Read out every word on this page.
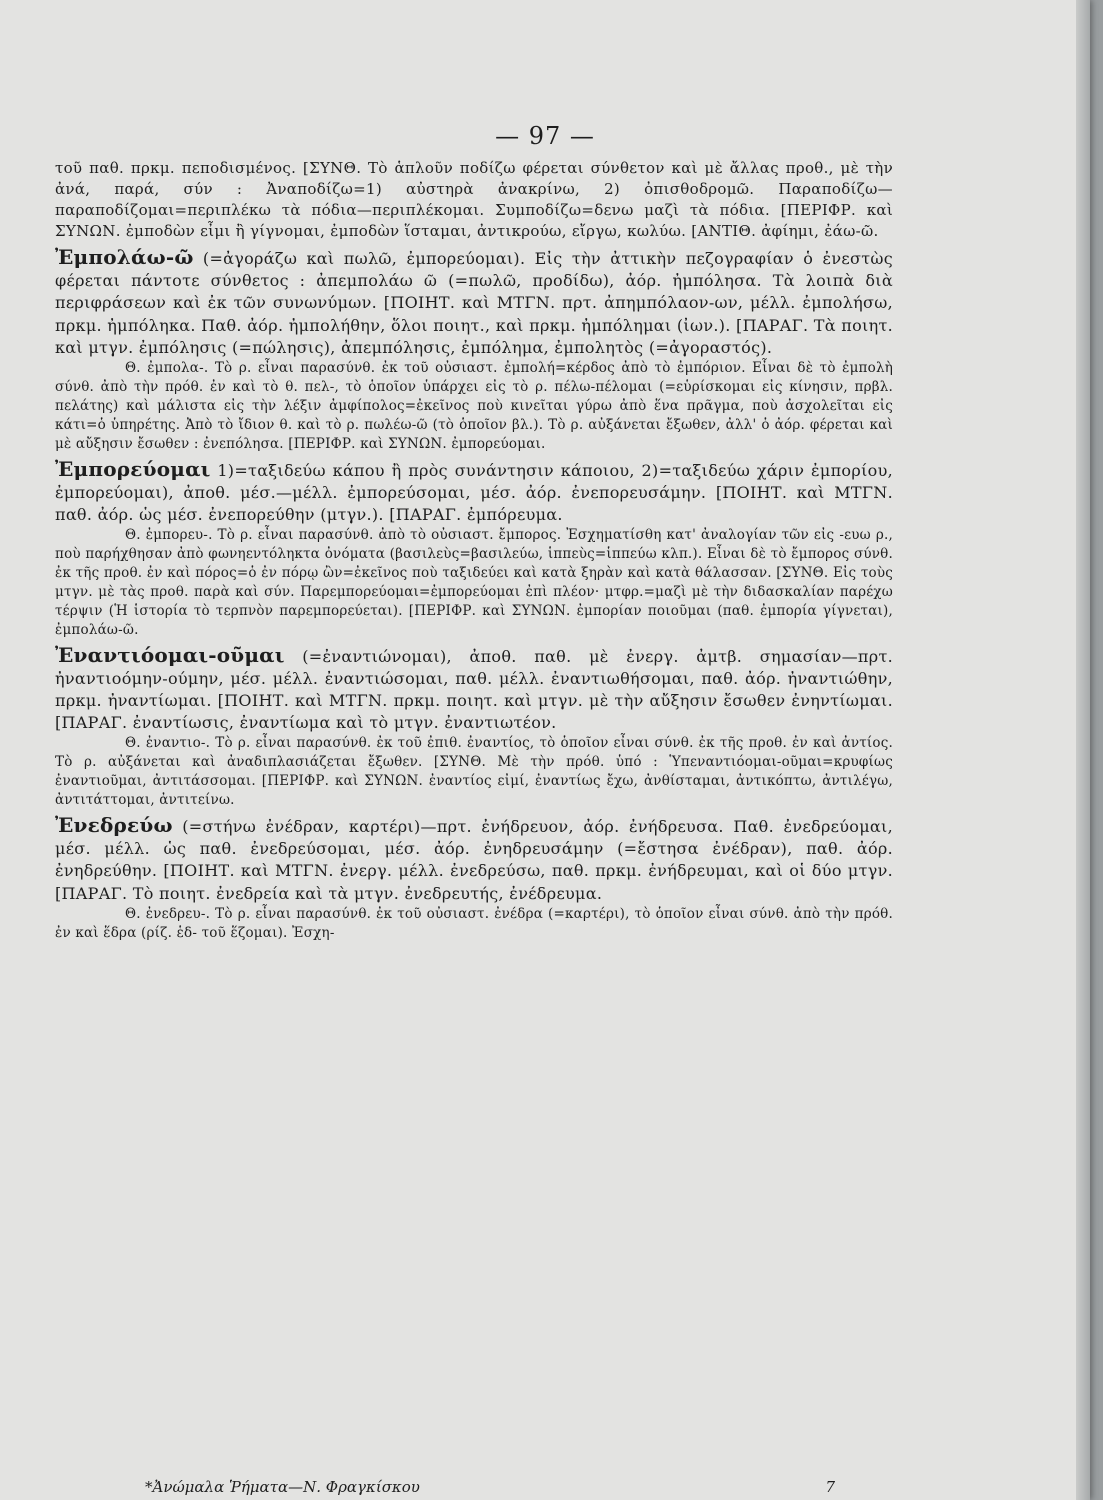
— 97 —
τοῦ παθ. πρκμ. πεποδισμένος. [ΣΥΝΘ. Τὸ ἁπλοῦν ποδίζω φέρεται σύνθετον καὶ μὲ ἄλλας προθ., μὲ τὴν ἀνά, παρά, σύν : Ἀναποδίζω=1) αὐστηρὰ ἀνακρίνω, 2) ὀπισθοδρομῶ. Παραποδίζω—παραποδίζομαι=περιπλέκω τὰ πόδια—περιπλέκομαι. Συμποδίζω=δενω μαζὶ τὰ πόδια. [ΠΕΡΙΦΡ. καὶ ΣΥΝΩΝ. ἐμποδὼν εἶμι ἢ γίγνομαι, ἐμποδὼν ἵσταμαι, ἀντικρούω, εἴργω, κωλύω. [ΑΝΤΙΘ. ἀφίημι, ἐάω-ῶ.
Ἐμπολάω-ῶ (=ἀγοράζω καὶ πωλῶ, ἐμπορεύομαι). Εἰς τὴν ἀττικὴν πεζογραφίαν ὁ ἐνεστὼς φέρεται πάντοτε σύνθετος : ἀπεμπολάω ῶ (=πωλῶ, προδίδω), ἀόρ. ἠμπόλησα. Τὰ λοιπὰ διὰ περιφράσεων καὶ ἐκ τῶν συνωνύμων. [ΠΟΙΗΤ. καὶ ΜΤΓΝ. πρτ. ἀπημπόλαον-ων, μέλλ. ἐμπολήσω, πρκμ. ἠμπόληκα. Παθ. ἀόρ. ἠμπολήθην, ὅλοι ποιητ., καὶ πρκμ. ἠμπόλημαι (ἰων.). [ΠΑΡΑΓ. Τὰ ποιητ. καὶ μτγν. ἐμπόλησις (=πώλησις), ἀπεμπόλησις, ἐμπόλημα, ἐμπολητὸς (=ἀγοραστός).
Θ. ἐμπολα-. Τὸ ρ. εἶναι παρασύνθ. ἐκ τοῦ οὐσιαστ. ἐμπολή=κέρδος ἀπὸ τὸ ἐμπόριον. Εἶναι δὲ τὸ ἐμπολὴ σύνθ. ἀπὸ τὴν πρόθ. ἐν καὶ τὸ θ. πελ-, τὸ ὁποῖον ὑπάρχει εἰς τὸ ρ. πέλω-πέλομαι (=εὑρίσκομαι εἰς κίνησιν, πρβλ. πελάτης) καὶ μάλιστα εἰς τὴν λέξιν ἀμφίπολος=ἐκεῖνος ποὺ κινεῖται γύρω ἀπὸ ἕνα πρᾶγμα, ποὺ ἀσχολεῖται εἰς κάτι=ὁ ὑπηρέτης. Ἀπὸ τὸ ἴδιον θ. καὶ τὸ ρ. πωλέω-ῶ (τὸ ὁποῖον βλ.). Τὸ ρ. αὐξάνεται ἔξωθεν, ἀλλ' ὁ ἀόρ. φέρεται καὶ μὲ αὔξησιν ἔσωθεν : ἐνεπόλησα. [ΠΕΡΙΦΡ. καὶ ΣΥΝΩΝ. ἐμπορεύομαι.
Ἐμπορεύομαι 1)=ταξιδεύω κάπου ἢ πρὸς συνάντησιν κάποιου, 2)=ταξιδεύω χάριν ἐμπορίου, ἐμπορεύομαι), ἀποθ. μέσ.—μέλλ. ἐμπορεύσομαι, μέσ. ἀόρ. ἐνεπορευσάμην. [ΠΟΙΗΤ. καὶ ΜΤΓΝ. παθ. ἀόρ. ὡς μέσ. ἐνεπορεύθην (μτγν.). [ΠΑΡΑΓ. ἐμπόρευμα.
Θ. ἐμπορευ-. Τὸ ρ. εἶναι παρασύνθ. ἀπὸ τὸ οὐσιαστ. ἔμπορος. Ἐσχηματίσθη κατ' ἀναλογίαν τῶν εἰς -ευω ρ., ποὺ παρήχθησαν ἀπὸ φωνηεντόληκτα ὀνόματα (βασιλεὺς=βασιλεύω, ἱππεὺς=ἱππεύω κλπ.). Εἶναι δὲ τὸ ἔμπορος σύνθ. ἐκ τῆς προθ. ἐν καὶ πόρος=ὁ ἐν πόρῳ ὢν=ἐκεῖνος ποὺ ταξιδεύει καὶ κατὰ ξηρὰν καὶ κατὰ θάλασσαν. [ΣΥΝΘ. Εἰς τοὺς μτγν. μὲ τὰς προθ. παρὰ καὶ σύν. Παρεμπορεύομαι=ἐμπορεύομαι ἐπὶ πλέον· μτφρ.=μαζὶ μὲ τὴν διδασκαλίαν παρέχω τέρψιν (Ἡ ἱστορία τὸ τερπνὸν παρεμπορεύεται). [ΠΕΡΙΦΡ. καὶ ΣΥΝΩΝ. ἐμπορίαν ποιοῦμαι (παθ. ἐμπορία γίγνεται), ἐμπολάω-ῶ.
Ἐναντιόομαι-οῦμαι (=ἐναντιώνομαι), ἀποθ. παθ. μὲ ἐνεργ. ἀμτβ. σημασίαν—πρτ. ἠναντιοόμην-ούμην, μέσ. μέλλ. ἐναντιώσομαι, παθ. μέλλ. ἐναντιωθήσομαι, παθ. ἀόρ. ἠναντιώθην, πρκμ. ἠναντίωμαι. [ΠΟΙΗΤ. καὶ ΜΤΓΝ. πρκμ. ποιητ. καὶ μτγν. μὲ τὴν αὔξησιν ἔσωθεν ἐνηντίωμαι. [ΠΑΡΑΓ. ἐναντίωσις, ἐναντίωμα καὶ τὸ μτγν. ἐναντιωτέον.
Θ. ἐναντιο-. Τὸ ρ. εἶναι παρασύνθ. ἐκ τοῦ ἐπιθ. ἐναντίος, τὸ ὁποῖον εἶναι σύνθ. ἐκ τῆς προθ. ἐν καὶ ἀντίος. Τὸ ρ. αὐξάνεται καὶ ἀναδιπλασιάζεται ἔξωθεν. [ΣΥΝΘ. Μὲ τὴν πρόθ. ὑπό : Ὑπεναντιόομαι-οῦμαι=κρυφίως ἐναντιοῦμαι, ἀντιτάσσομαι. [ΠΕΡΙΦΡ. καὶ ΣΥΝΩΝ. ἐναντίος εἰμί, ἐναντίως ἔχω, ἀνθίσταμαι, ἀντικόπτω, ἀντιλέγω, ἀντιτάττομαι, ἀντιτείνω.
Ἐνεδρεύω (=στήνω ἐνέδραν, καρτέρι)—πρτ. ἐνήδρευον, ἀόρ. ἐνήδρευσα. Παθ. ἐνεδρεύομαι, μέσ. μέλλ. ὡς παθ. ἐνεδρεύσομαι, μέσ. ἀόρ. ἐνηδρευσάμην (=ἔστησα ἐνέδραν), παθ. ἀόρ. ἐνηδρεύθην. [ΠΟΙΗΤ. καὶ ΜΤΓΝ. ἐνεργ. μέλλ. ἐνεδρεύσω, παθ. πρκμ. ἐνήδρευμαι, καὶ οἱ δύο μτγν. [ΠΑΡΑΓ. Τὸ ποιητ. ἐνεδρεία καὶ τὰ μτγν. ἐνεδρευτής, ἐνέδρευμα.
Θ. ἐνεδρευ-. Τὸ ρ. εἶναι παρασύνθ. ἐκ τοῦ οὐσιαστ. ἐνέδρα (=καρτέρι), τὸ ὁποῖον εἶναι σύνθ. ἀπὸ τὴν πρόθ. ἐν καὶ ἕδρα (ρίζ. ἑδ- τοῦ ἕζομαι). Ἐσχη-
*Ἀνώμαλα Ῥήματα—Ν. Φραγκίσκου	7
